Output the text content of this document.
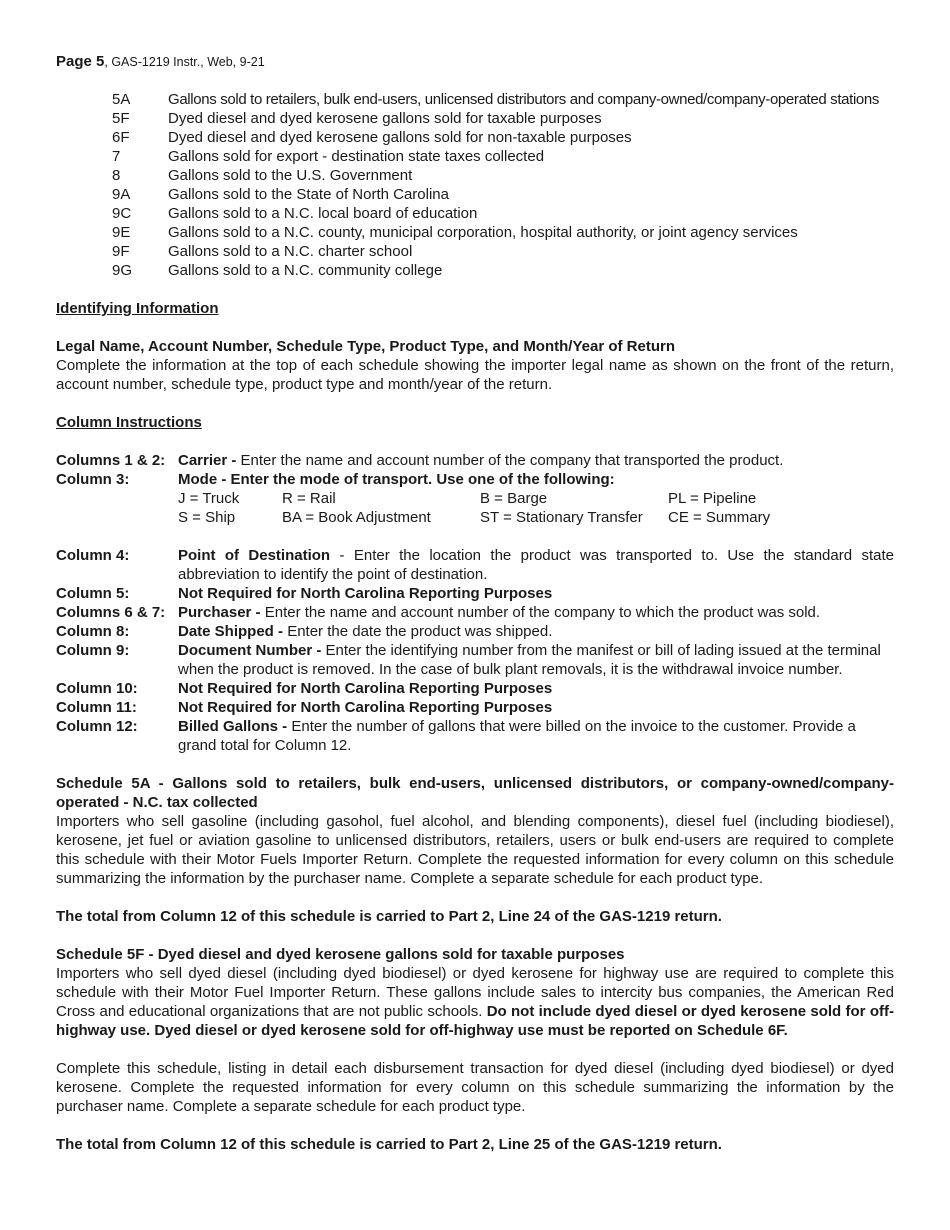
Page 5, GAS-1219 Instr., Web, 9-21
5A	Gallons sold to retailers, bulk end-users, unlicensed distributors and company-owned/company-operated stations
5F	Dyed diesel and dyed kerosene gallons sold for taxable purposes
6F	Dyed diesel and dyed kerosene gallons sold for non-taxable purposes
7	Gallons sold for export - destination state taxes collected
8	Gallons sold to the U.S. Government
9A	Gallons sold to the State of North Carolina
9C	Gallons sold to a N.C. local board of education
9E	Gallons sold to a N.C. county, municipal corporation, hospital authority, or joint agency services
9F	Gallons sold to a N.C. charter school
9G	Gallons sold to a N.C. community college
Identifying Information
Legal Name, Account Number, Schedule Type, Product Type, and Month/Year of Return
Complete the information at the top of each schedule showing the importer legal name as shown on the front of the return, account number, schedule type, product type and month/year of the return.
Column Instructions
Columns 1 & 2: Carrier - Enter the name and account number of the company that transported the product.
Column 3:	Mode - Enter the mode of transport. Use one of the following:
J = Truck	R = Rail	B = Barge	PL = Pipeline
S = Ship	BA = Book Adjustment	ST = Stationary Transfer	CE = Summary
Column 4:	Point of Destination - Enter the location the product was transported to. Use the standard state abbreviation to identify the point of destination.
Column 5:	Not Required for North Carolina Reporting Purposes
Columns 6 & 7: Purchaser - Enter the name and account number of the company to which the product was sold.
Column 8:	Date Shipped - Enter the date the product was shipped.
Column 9:	Document Number - Enter the identifying number from the manifest or bill of lading issued at the terminal when the product is removed. In the case of bulk plant removals, it is the withdrawal invoice number.
Column 10:	Not Required for North Carolina Reporting Purposes
Column 11:	Not Required for North Carolina Reporting Purposes
Column 12:	Billed Gallons - Enter the number of gallons that were billed on the invoice to the customer. Provide a grand total for Column 12.
Schedule 5A - Gallons sold to retailers, bulk end-users, unlicensed distributors, or company-owned/company-operated - N.C. tax collected
Importers who sell gasoline (including gasohol, fuel alcohol, and blending components), diesel fuel (including biodiesel), kerosene, jet fuel or aviation gasoline to unlicensed distributors, retailers, users or bulk end-users are required to complete this schedule with their Motor Fuels Importer Return. Complete the requested information for every column on this schedule summarizing the information by the purchaser name. Complete a separate schedule for each product type.
The total from Column 12 of this schedule is carried to Part 2, Line 24 of the GAS-1219 return.
Schedule 5F - Dyed diesel and dyed kerosene gallons sold for taxable purposes
Importers who sell dyed diesel (including dyed biodiesel) or dyed kerosene for highway use are required to complete this schedule with their Motor Fuel Importer Return. These gallons include sales to intercity bus companies, the American Red Cross and educational organizations that are not public schools. Do not include dyed diesel or dyed kerosene sold for off-highway use. Dyed diesel or dyed kerosene sold for off-highway use must be reported on Schedule 6F.
Complete this schedule, listing in detail each disbursement transaction for dyed diesel (including dyed biodiesel) or dyed kerosene. Complete the requested information for every column on this schedule summarizing the information by the purchaser name. Complete a separate schedule for each product type.
The total from Column 12 of this schedule is carried to Part 2, Line 25 of the GAS-1219 return.
